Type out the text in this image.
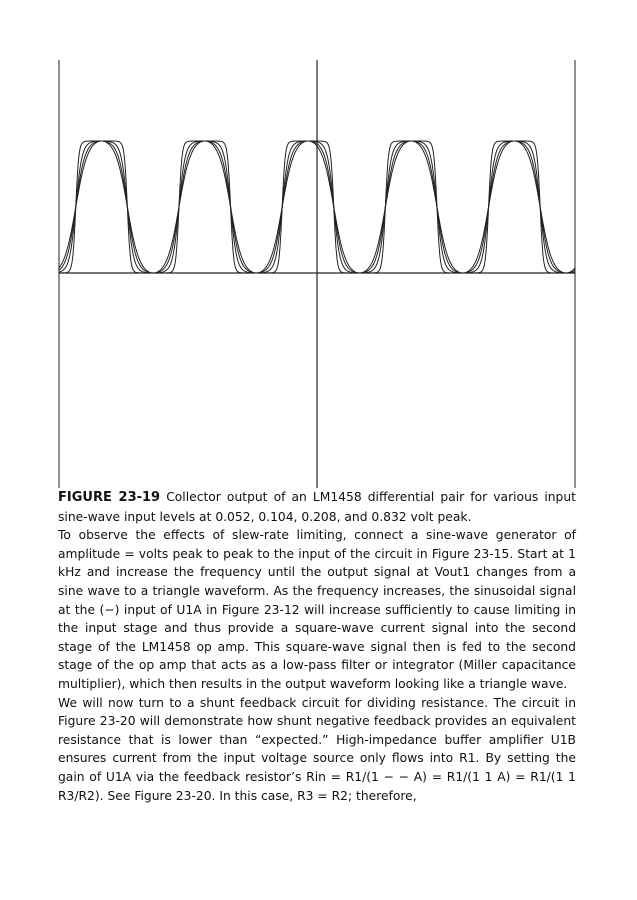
FIGURE 23-19 Collector output of an LM1458 differential pair for various input sine-wave input levels at 0.052, 0.104, 0.208, and 0.832 volt peak.

To observe the effects of slew-rate limiting, connect a sine-wave generator of amplitude = volts peak to peak to the input of the circuit in Figure 23-15. Start at 1 kHz and increase the frequency until the output signal at Vout1 changes from a sine wave to a triangle waveform. As the frequency increases, the sinusoidal signal at the (−) input of U1A in Figure 23-12 will increase sufficiently to cause limiting in the input stage and thus provide a square-wave current signal into the second stage of the LM1458 op amp. This square-wave signal then is fed to the second stage of the op amp that acts as a low-pass filter or integrator (Miller capacitance multiplier), which then results in the output waveform looking like a triangle wave.

We will now turn to a shunt feedback circuit for dividing resistance. The circuit in Figure 23-20 will demonstrate how shunt negative feedback provides an equivalent resistance that is lower than “expected.” High-impedance buffer amplifier U1B ensures current from the input voltage source only flows into R1. By setting the gain of U1A via the feedback resistor’s Rin = R1/(1 − − A) = R1/(1 1 A) = R1/(1 1 R3/R2). See Figure 23-20. In this case, R3 = R2; therefore,
